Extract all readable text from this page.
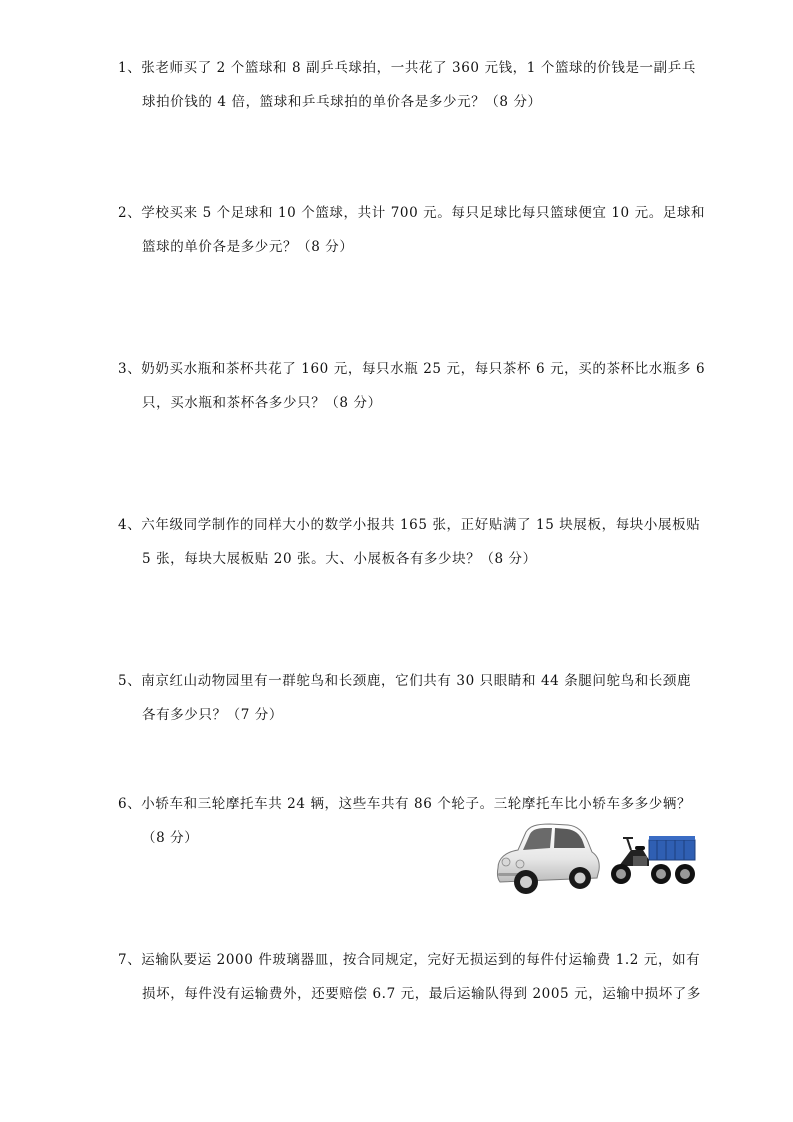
1、张老师买了 2 个篮球和 8 副乒乓球拍，一共花了 360 元钱，1 个篮球的价钱是一副乒乓
球拍价钱的 4 倍，篮球和乒乓球拍的单价各是多少元？（8 分）
2、学校买来 5 个足球和 10 个篮球，共计 700 元。每只足球比每只篮球便宜 10 元。足球和
篮球的单价各是多少元？（8 分）
3、奶奶买水瓶和茶杯共花了 160 元，每只水瓶 25 元，每只茶杯 6 元，买的茶杯比水瓶多 6
只，买水瓶和茶杯各多少只？（8 分）
4、六年级同学制作的同样大小的数学小报共 165 张，正好贴满了 15 块展板，每块小展板贴
5 张，每块大展板贴 20 张。大、小展板各有多少块？（8 分）
5、南京红山动物园里有一群鸵鸟和长颈鹿，它们共有 30 只眼睛和 44 条腿问鸵鸟和长颈鹿
各有多少只？（7 分）
6、小轿车和三轮摩托车共 24 辆，这些车共有 86 个轮子。三轮摩托车比小轿车多多少辆？
（8 分）
7、运输队要运 2000 件玻璃器皿，按合同规定，完好无损运到的每件付运输费 1.2 元，如有
损坏，每件没有运输费外，还要赔偿 6.7 元，最后运输队得到 2005 元，运输中损坏了多
